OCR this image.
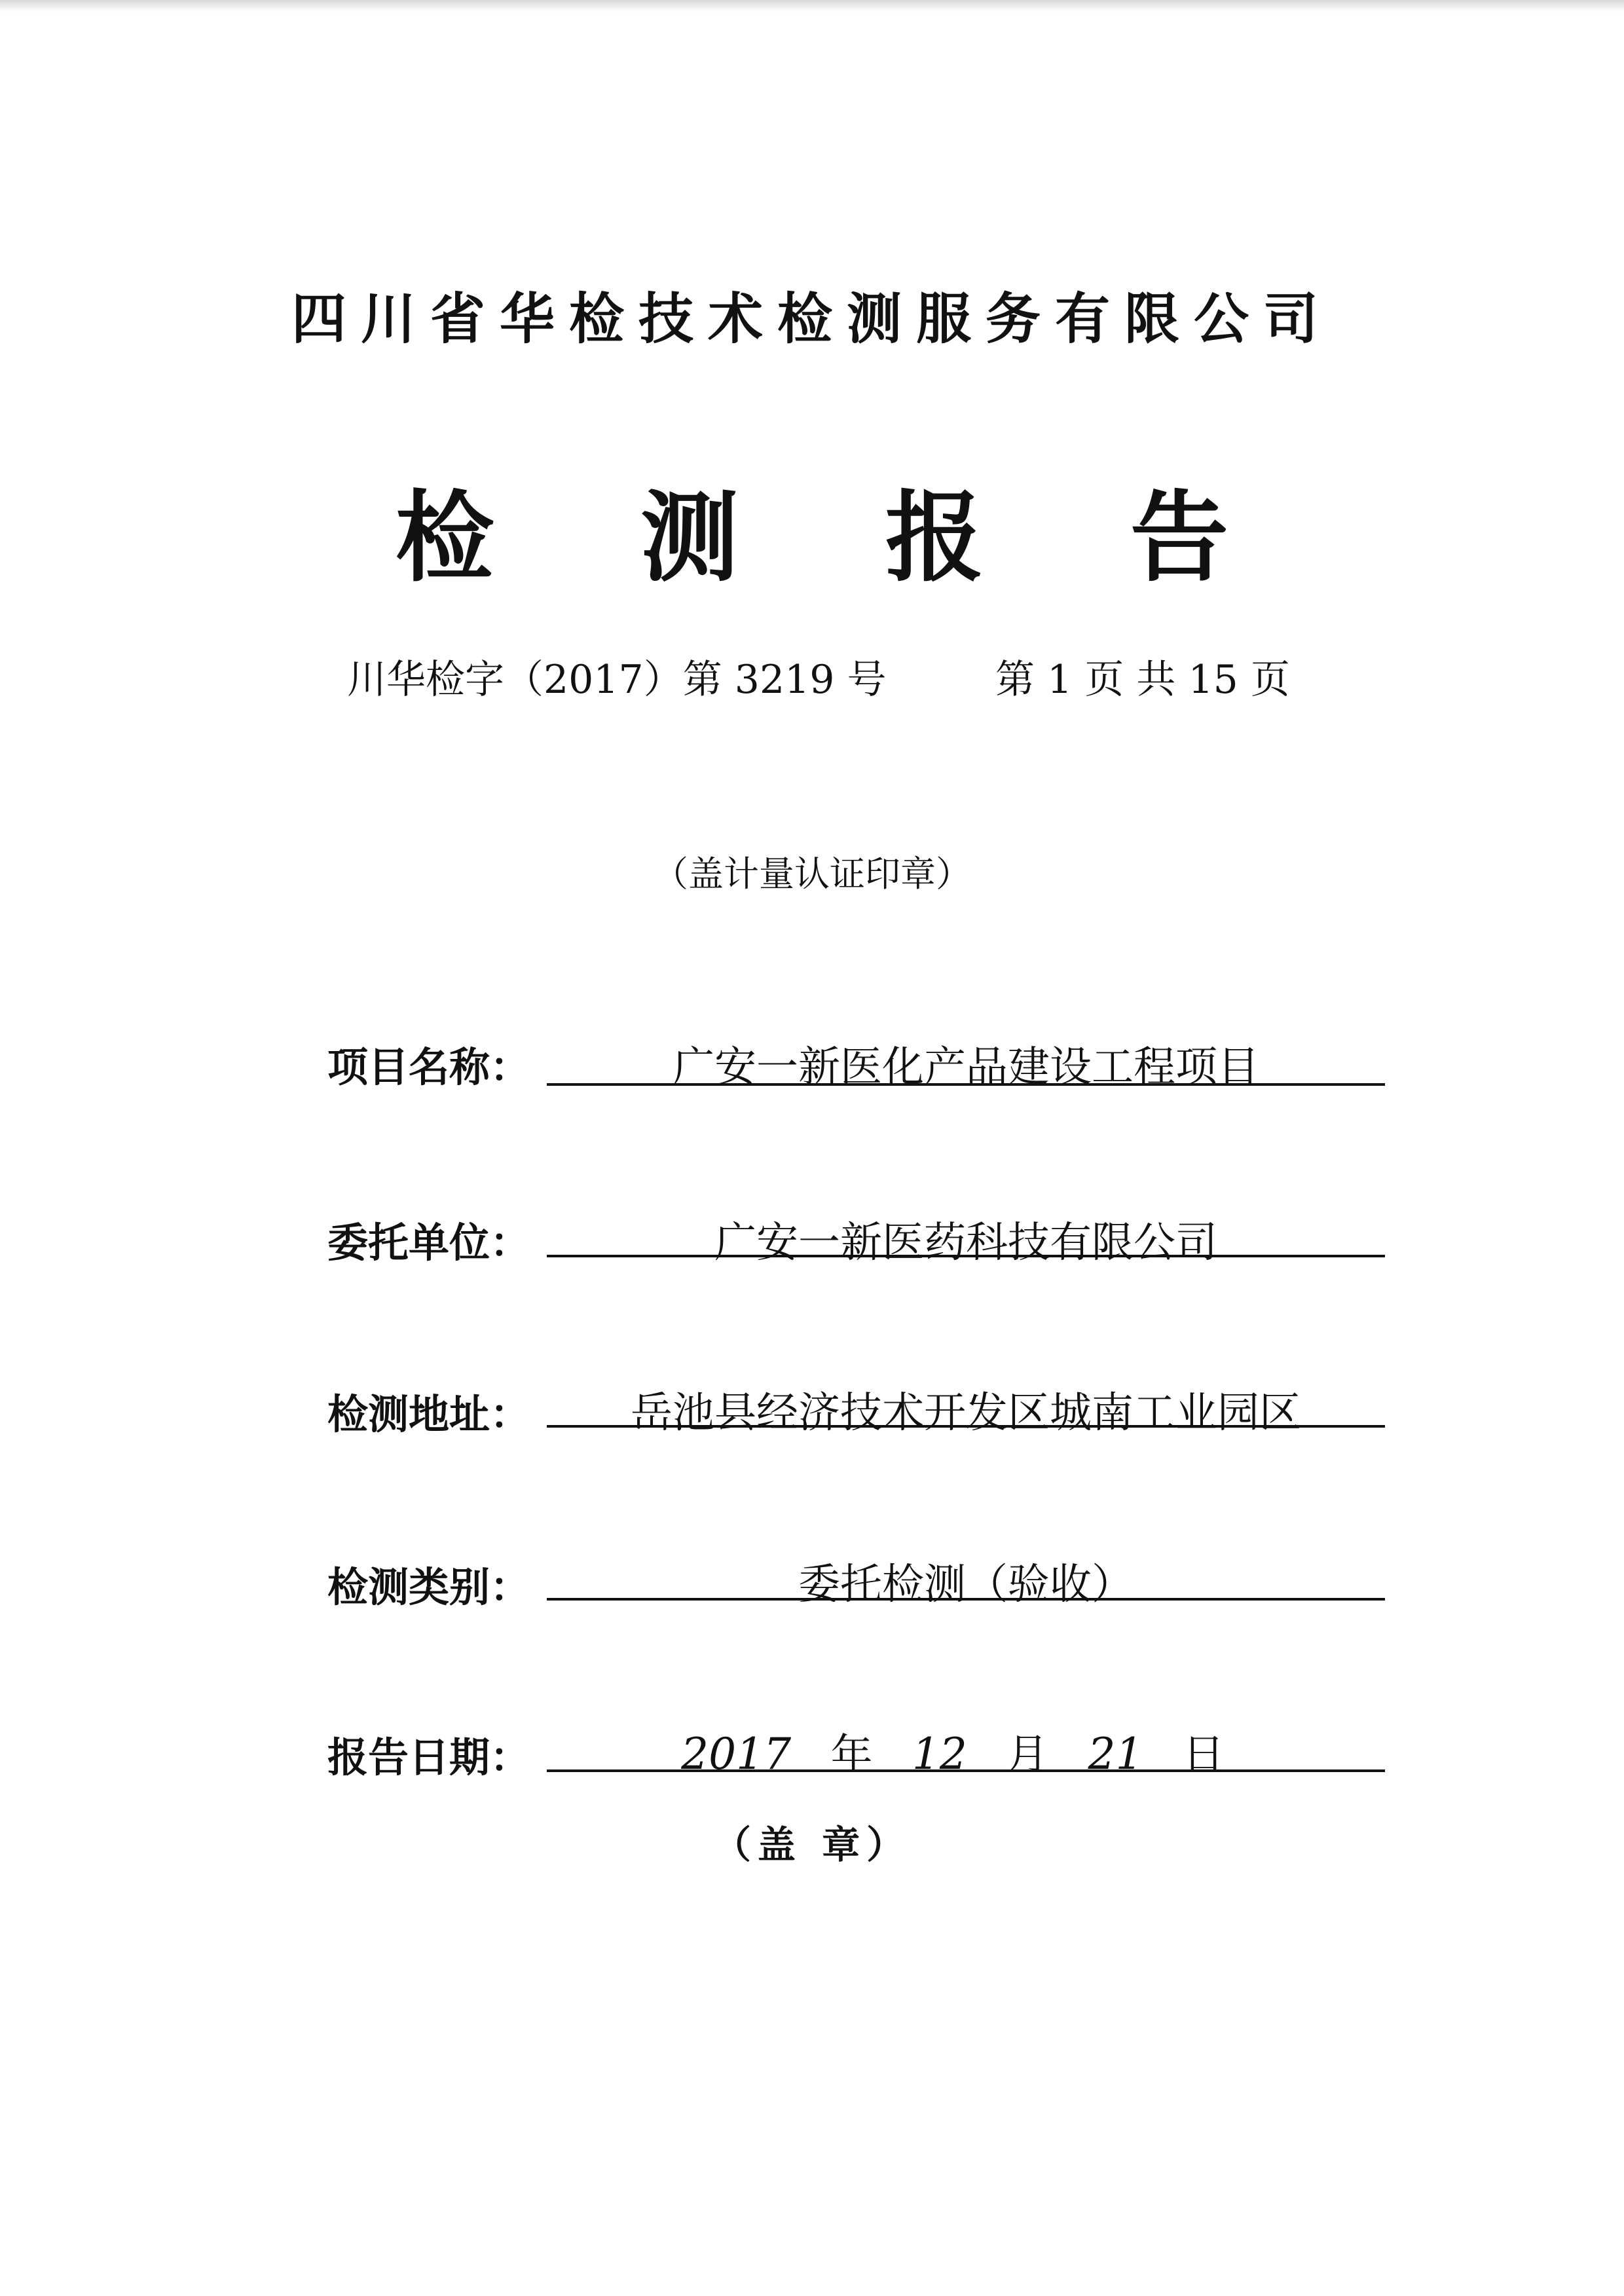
四川省华检技术检测服务有限公司
检 测 报 告
川华检字（2017）第 3219 号	第 1 页 共 15 页
（盖计量认证印章）
项目名称：	广安一新医化产品建设工程项目
委托单位：	广安一新医药科技有限公司
检测地址：	岳池县经济技术开发区城南工业园区
检测类别：	委托检测（验收）
报告日期：	2017 年 12 月 21 日
（盖 章）
